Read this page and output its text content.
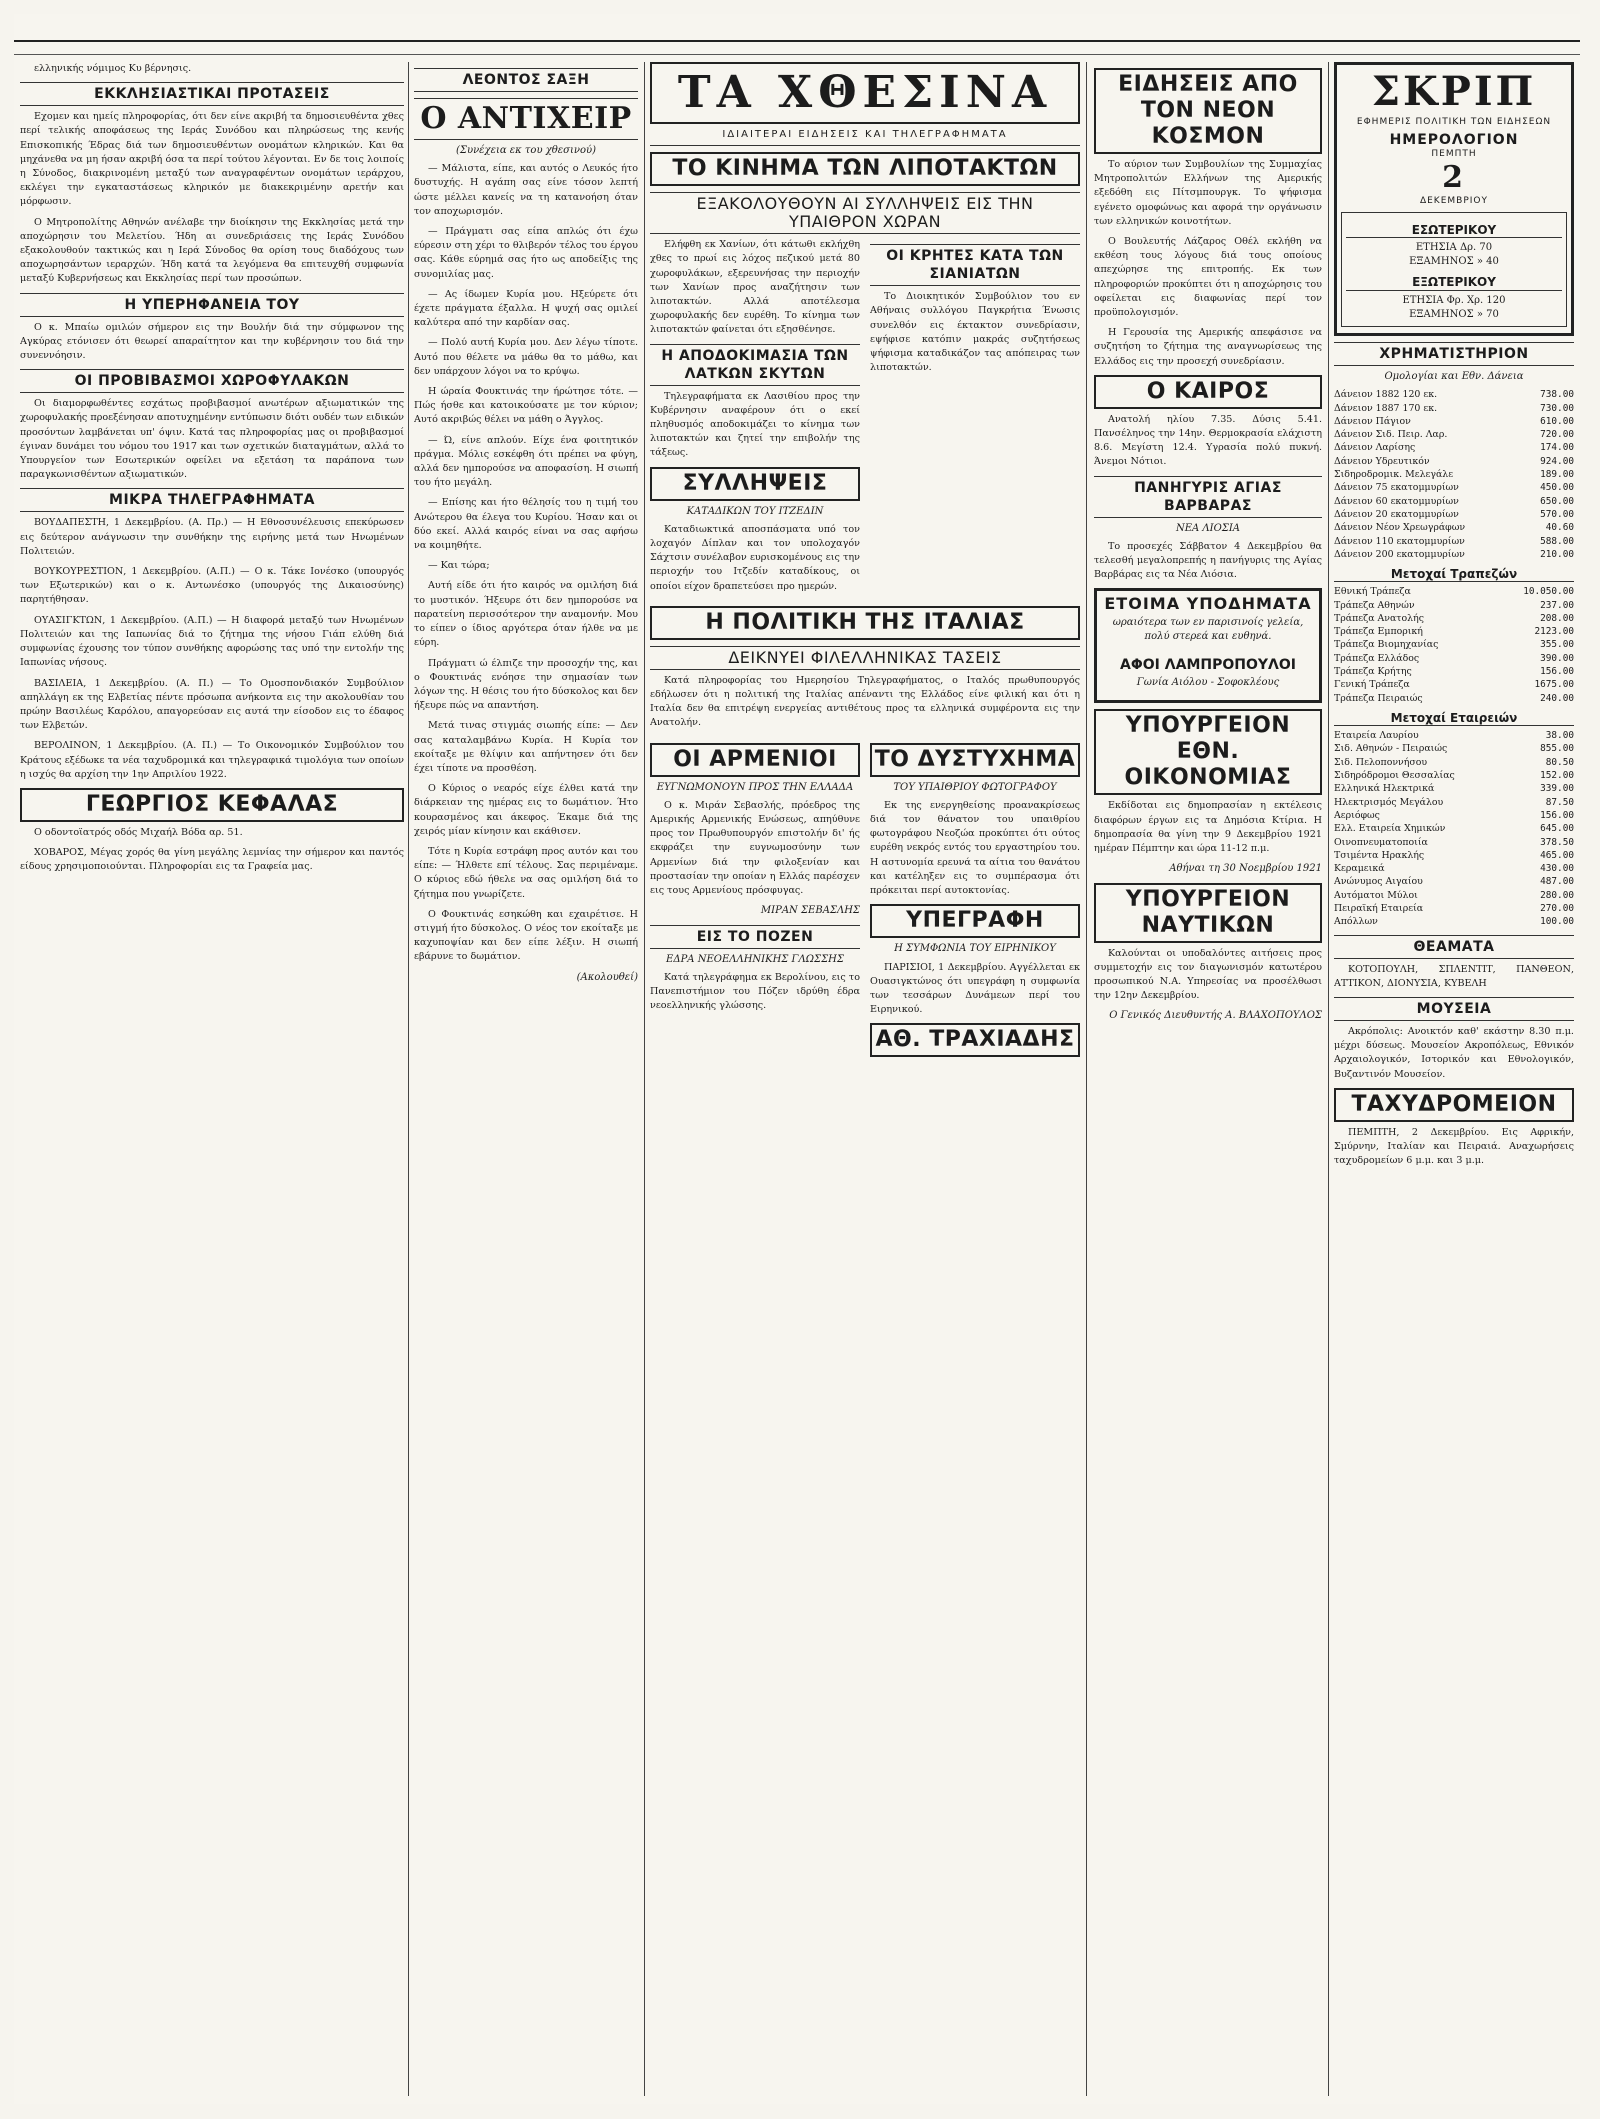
ελληνικής νόμιμος Κυ βέρνησις.

ΕΚΚΛΗΣΙΑΣΤΙΚΑΙ ΠΡΟΤΑΣΕΙΣ

Εχομεν και ημείς πληροφορίας, ότι δεν είνε ακριβή τα δημοσιευθέντα χθες περί τελικής αποφάσεως της Ιεράς Συνόδου και πληρώσεως της κενής Επισκοπικής Έδρας διά των δημοσιευθέντων ονομάτων κληρικών. Και θα μηχάνεθα να μη ήσαν ακριβή όσα τα περί τούτου λέγονται. Εν δε τοις λοιποίς η Σύνοδος, διακρινομένη μεταξύ των αναγραφέντων ονομάτων ιεράρχου, εκλέγει την εγκαταστάσεως κληρικόν με διακεκριμένην αρετήν και μόρφωσιν.

Ο Μητροπολίτης Αθηνών ανέλαβε την διοίκησιν της Εκκλησίας μετά την αποχώρησιν του Μελετίου. Ήδη αι συνεδριάσεις της Ιεράς Συνόδου εξακολουθούν τακτικώς και η Ιερά Σύνοδος θα ορίση τους διαδόχους των αποχωρησάντων ιεραρχών. Ήδη κατά τα λεγόμενα θα επιτευχθή συμφωνία μεταξύ Κυβερνήσεως και Εκκλησίας περί των προσώπων.

Η ΥΠΕΡΗΦΑΝΕΙΑ ΤΟΥ

Ο κ. Μπαίω ομιλών σήμερον εις την Βουλήν διά την σύμφωνον της Αγκύρας ετόνισεν ότι θεωρεί απαραίτητον και την κυβέρνησιν του διά την συνεννόησιν.

ΟΙ ΠΡΟΒΙΒΑΣΜΟΙ ΧΩΡΟΦΥΛΑΚΩΝ

Οι διαμορφωθέντες εσχάτως προβιβασμοί ανωτέρων αξιωματικών της χωροφυλακής προεξένησαν αποτυχημένην εντύπωσιν διότι ουδέν των ειδικών προσόντων λαμβάνεται υπ' όψιν. Κατά τας πληροφορίας μας οι προβιβασμοί έγιναν δυνάμει του νόμου του 1917 και των σχετικών διαταγμάτων, αλλά το Υπουργείον των Εσωτερικών οφείλει να εξετάση τα παράπονα των παραγκωνισθέντων αξιωματικών.

ΜΙΚΡΑ ΤΗΛΕΓΡΑΦΗΜΑΤΑ

ΒΟΥΔΑΠΕΣΤΗ, 1 Δεκεμβρίου. (Α. Πρ.) — Η Εθνοσυνέλευσις επεκύρωσεν εις δεύτερον ανάγνωσιν την συνθήκην της ειρήνης μετά των Ηνωμένων Πολιτειών.

ΒΟΥΚΟΥΡΕΣΤΙΟΝ, 1 Δεκεμβρίου. (Α.Π.) — Ο κ. Τάκε Ιονέσκο (υπουργός των Εξωτερικών) και ο κ. Αντωνέσκο (υπουργός της Δικαιοσύνης) παρητήθησαν.

ΟΥΑΣΙΓΚΤΩΝ, 1 Δεκεμβρίου. (Α.Π.) — Η διαφορά μεταξύ των Ηνωμένων Πολιτειών και της Ιαπωνίας διά το ζήτημα της νήσου Γιάπ ελύθη διά συμφωνίας έχουσης τον τύπον συνθήκης αφορώσης τας υπό την εντολήν της Ιαπωνίας νήσους.

ΒΑΣΙΛΕΙΑ, 1 Δεκεμβρίου. (Α. Π.) — Το Ομοσπονδιακόν Συμβούλιον απηλλάγη εκ της Ελβετίας πέντε πρόσωπα ανήκοντα εις την ακολουθίαν του πρώην Βασιλέως Καρόλου, απαγορεύσαν εις αυτά την είσοδον εις το έδαφος των Ελβετών.

ΒΕΡΟΛΙΝΟΝ, 1 Δεκεμβρίου. (Α. Π.) — Το Οικονομικόν Συμβούλιον του Κράτους εξέδωκε τα νέα ταχυδρομικά και τηλεγραφικά τιμολόγια των οποίων η ισχύς θα αρχίση την 1ην Απριλίου 1922.

ΓΕΩΡΓΙΟΣ ΚΕΦΑΛΑΣ

Ο οδοντοϊατρός οδός Μιχαήλ Βόδα αρ. 51.

ΧΟΒΑΡΟΣ, Μέγας χορός θα γίνη μεγάλης λεμνίας την σήμερον και παντός είδους χρησιμοποιούνται. Πληροφορίαι εις τα Γραφεία μας.

ΛΕΟΝΤΟΣ ΣΑΞΗ
Ο ΑΝΤΙΧΕΙΡ
(Συνέχεια εκ του χθεσινού)

— Μάλιστα, είπε, και αυτός ο Λευκός ήτο δυστυχής. Η αγάπη σας είνε τόσον λεπτή ώστε μέλλει κανείς να τη κατανοήση όταν τον αποχωρισμόν.

— Πράγματι σας είπα απλώς ότι έχω εύρεσιν στη χέρι το θλιβερόν τέλος του έργου σας. Κάθε εύρημά σας ήτο ως αποδείξις της συνομιλίας μας.

— Ας ίδωμεν Κυρία μου. Ηξεύρετε ότι έχετε πράγματα έξαλλα. Η ψυχή σας ομιλεί καλύτερα από την καρδίαν σας.

— Πολύ αυτή Κυρία μου. Δεν λέγω τίποτε. Αυτό που θέλετε να μάθω θα το μάθω, και δεν υπάρχουν λόγοι να το κρύψω.

Η ώραία Φουκτινάς την ήρώτησε τότε. — Πώς ήσθε και κατοικούσατε με τον κύριον; Αυτό ακριβώς θέλει να μάθη ο Άγγλος.

— Ώ, είνε απλούν. Είχε ένα φοιτητικόν πράγμα. Μόλις εσκέφθη ότι πρέπει να φύγη, αλλά δεν ημπορούσε να αποφασίση. Η σιωπή του ήτο μεγάλη.

— Επίσης και ήτο θέλησίς του η τιμή του Ανώτερου θα έλεγα του Κυρίου. Ήσαν και οι δύο εκεί. Αλλά καιρός είναι να σας αφήσω να κοιμηθήτε.

— Και τώρα;

Αυτή είδε ότι ήτο καιρός να ομιλήση διά το μυστικόν. Ήξευρε ότι δεν ημπορούσε να παρατείνη περισσότερον την αναμονήν. Μου το είπεν ο ίδιος αργότερα όταν ήλθε να με εύρη.

Πράγματι ώ έλπιζε την προσοχήν της, και ο Φουκτινάς ενόησε την σημασίαν των λόγων της. Η θέσις του ήτο δύσκολος και δεν ήξευρε πώς να απαντήση.

Μετά τινας στιγμάς σιωπής είπε: — Δεν σας καταλαμβάνω Κυρία. Η Κυρία τον εκοίταξε με θλίψιν και απήντησεν ότι δεν έχει τίποτε να προσθέση.

Ο Κύριος ο νεαρός είχε έλθει κατά την διάρκειαν της ημέρας εις το δωμάτιον. Ήτο κουρασμένος και άκεφος. Έκαμε διά της χειρός μίαν κίνησιν και εκάθισεν.

Τότε η Κυρία εστράφη προς αυτόν και του είπε: — Ήλθετε επί τέλους. Σας περιμέναμε. Ο κύριος εδώ ήθελε να σας ομιλήση διά το ζήτημα που γνωρίζετε.

Ο Φουκτινάς εσηκώθη και εχαιρέτισε. Η στιγμή ήτο δύσκολος. Ο νέος τον εκοίταξε με καχυποψίαν και δεν είπε λέξιν. Η σιωπή εβάρυνε το δωμάτιον.

(Ακολουθεί)
ΤΑ ΧΘΕΣΙΝΑ
ΙΔΙΑΙΤΕΡΑΙ ΕΙΔΗΣΕΙΣ ΚΑΙ ΤΗΛΕΓΡΑΦΗΜΑΤΑ
ΤΟ ΚΙΝΗΜΑ ΤΩΝ ΛΙΠΟΤΑΚΤΩΝ
ΕΞΑΚΟΛΟΥΘΟΥΝ ΑΙ ΣΥΛΛΗΨΕΙΣ ΕΙΣ ΤΗΝ ΥΠΑΙΘΡΟΝ ΧΩΡΑΝ

Ελήφθη εκ Χανίων, ότι κάτωθι εκλήχθη χθες το πρωί εις λόχος πεζικού μετά 80 χωροφυλάκων, εξερευνήσας την περιοχήν των Χανίων προς αναζήτησιν των λιποτακτών. Αλλά αποτέλεσμα χωροφυλακής δεν ευρέθη. Το κίνημα των λιποτακτών φαίνεται ότι εξησθένησε.

Η ΑΠΟΔΟΚΙΜΑΣΙΑ ΤΩΝ ΛΑΤΚΩΝ ΣΚΥΤΩΝ

Τηλεγραφήματα εκ Λασιθίου προς την Κυβέρνησιν αναφέρουν ότι ο εκεί πληθυσμός αποδοκιμάζει το κίνημα των λιποτακτών και ζητεί την επιβολήν της τάξεως.

ΣΥΛΛΗΨΕΙΣ
ΚΑΤΑΔΙΚΩΝ ΤΟΥ ΙΤΖΕΔΙΝ

Καταδιωκτικά αποσπάσματα υπό τον λοχαγόν Δίπλαν και τον υπολοχαγόν Σάχτσιν συνέλαβον ευρισκομένους εις την περιοχήν του Ιτζεδίν καταδίκους, οι οποίοι είχον δραπετεύσει προ ημερών.

ΟΙ ΚΡΗΤΕΣ ΚΑΤΑ ΤΩΝ ΣΙΑΝΙΑΤΩΝ

Το Διοικητικόν Συμβούλιον του εν Αθήναις συλλόγου Παγκρήτια Ένωσις συνελθόν εις έκτακτον συνεδρίασιν, εψήφισε κατόπιν μακράς συζητήσεως ψήφισμα καταδικάζον τας απόπειρας των λιποτακτών.

Η ΠΟΛΙΤΙΚΗ ΤΗΣ ΙΤΑΛΙΑΣ
ΔΕΙΚΝΥΕΙ ΦΙΛΕΛΛΗΝΙΚΑΣ ΤΑΣΕΙΣ

Κατά πληροφορίας του Ημερησίου Τηλεγραφήματος, ο Ιταλός πρωθυπουργός εδήλωσεν ότι η πολιτική της Ιταλίας απέναντι της Ελλάδος είνε φιλική και ότι η Ιταλία δεν θα επιτρέψη ενεργείας αντιθέτους προς τα ελληνικά συμφέροντα εις την Ανατολήν.

ΟΙ ΑΡΜΕΝΙΟΙ
ΕΥΓΝΩΜΟΝΟΥΝ ΠΡΟΣ ΤΗΝ ΕΛΛΑΔΑ

Ο κ. Μιράν Σεβασλής, πρόεδρος της Αμερικής Αρμενικής Ενώσεως, απηύθυνε προς τον Πρωθυπουργόν επιστολήν δι' ής εκφράζει την ευγνωμοσύνην των Αρμενίων διά την φιλοξενίαν και προστασίαν την οποίαν η Ελλάς παρέσχεν εις τους Αρμενίους πρόσφυγας.

ΜΙΡΑΝ ΣΕΒΑΣΛΗΣ
ΕΙΣ ΤΟ ΠΟΖΕΝ
ΕΔΡΑ ΝΕΟΕΛΛΗΝΙΚΗΣ ΓΛΩΣΣΗΣ

Κατά τηλεγράφημα εκ Βερολίνου, εις το Πανεπιστήμιον του Πόζεν ιδρύθη έδρα νεοελληνικής γλώσσης.

ΤΟ ΔΥΣΤΥΧΗΜΑ
ΤΟΥ ΥΠΑΙΘΡΙΟΥ ΦΩΤΟΓΡΑΦΟΥ

Εκ της ενεργηθείσης προανακρίσεως διά τον θάνατον του υπαιθρίου φωτογράφου Νεοζώα προκύπτει ότι ούτος ευρέθη νεκρός εντός του εργαστηρίου του. Η αστυνομία ερευνά τα αίτια του θανάτου και κατέληξεν εις το συμπέρασμα ότι πρόκειται περί αυτοκτονίας.

ΥΠΕΓΡΑΦΗ
Η ΣΥΜΦΩΝΙΑ ΤΟΥ ΕΙΡΗΝΙΚΟΥ

ΠΑΡΙΣΙΟΙ, 1 Δεκεμβρίου. Αγγέλλεται εκ Ουασιγκτώνος ότι υπεγράφη η συμφωνία των τεσσάρων Δυνάμεων περί του Ειρηνικού.

ΑΘ. ΤΡΑΧΙΑΔΗΣ
ΕΙΔΗΣΕΙΣ ΑΠΟ ΤΟΝ ΝΕΟΝ ΚΟΣΜΟΝ

Το αύριον των Συμβουλίων της Συμμαχίας Μητροπολιτών Ελλήνων της Αμερικής εξεδόθη εις Πίτσμπουργκ. Το ψήφισμα εγένετο ομοφώνως και αφορά την οργάνωσιν των ελληνικών κοινοτήτων.

Ο Βουλευτής Λάζαρος Οθέλ εκλήθη να εκθέση τους λόγους διά τους οποίους απεχώρησε της επιτροπής. Εκ των πληροφοριών προκύπτει ότι η αποχώρησις του οφείλεται εις διαφωνίας περί τον προϋπολογισμόν.

Η Γερουσία της Αμερικής απεφάσισε να συζητήση το ζήτημα της αναγνωρίσεως της Ελλάδος εις την προσεχή συνεδρίασιν.

Ο ΚΑΙΡΟΣ

Ανατολή ηλίου 7.35. Δύσις 5.41. Πανσέληνος την 14ην. Θερμοκρασία ελάχιστη 8.6. Μεγίστη 12.4. Υγρασία πολύ πυκνή. Άνεμοι Νότιοι.

ΠΑΝΗΓΥΡΙΣ ΑΓΙΑΣ ΒΑΡΒΑΡΑΣ
ΝΕΑ ΛΙΟΣΙΑ

Το προσεχές Σάββατον 4 Δεκεμβρίου θα τελεσθή μεγαλοπρεπής η πανήγυρις της Αγίας Βαρβάρας εις τα Νέα Λιόσια.

ΕΤΟΙΜΑ ΥΠΟΔΗΜΑΤΑ
ωραιότερα των εν παρισινοίς γελεία, πολύ στερεά και ευθηνά.
ΑΦΟΙ ΛΑΜΠΡΟΠΟΥΛΟΙ
Γωνία Αιόλου - Σοφοκλέους
ΥΠΟΥΡΓΕΙΟΝ ΕΘΝ. ΟΙΚΟΝΟΜΙΑΣ

Εκδίδοται εις δημοπρασίαν η εκτέλεσις διαφόρων έργων εις τα Δημόσια Κτίρια. Η δημοπρασία θα γίνη την 9 Δεκεμβρίου 1921 ημέραν Πέμπτην και ώρα 11-12 π.μ.

Αθήναι τη 30 Νοεμβρίου 1921
ΥΠΟΥΡΓΕΙΟΝ ΝΑΥΤΙΚΩΝ

Καλούνται οι υποδαλόντες αιτήσεις προς συμμετοχήν εις τον διαγωνισμόν κατωτέρου προσωπικού Ν.Α. Υπηρεσίας να προσέλθωσι την 12ην Δεκεμβρίου.

Ο Γενικός Διευθυντής Α. ΒΛΑΧΟΠΟΥΛΟΣ
ΣΚΡΙΠ
ΕΦΗΜΕΡΙΣ ΠΟΛΙΤΙΚΗ ΤΩΝ ΕΙΔΗΣΕΩΝ
ΗΜΕΡΟΛΟΓΙΟΝ
ΠΕΜΠΤΗ
2
ΔΕΚΕΜΒΡΙΟΥ
ΕΣΩΤΕΡΙΚΟΥ
ΕΤΗΣΙΑ Δρ. 70
ΕΞΑΜΗΝΟΣ » 40
ΕΞΩΤΕΡΙΚΟΥ
ΕΤΗΣΙΑ Φρ. Χρ. 120
ΕΞΑΜΗΝΟΣ » 70
ΧΡΗΜΑΤΙΣΤΗΡΙΟΝ
Ομολογίαι και Εθν. Δάνεια
Δάνειον 1882 120 εκ.	738.00
Δάνειον 1887 170 εκ.	730.00
Δάνειον Πάγιον	610.00
Δάνειον Σιδ. Πειρ. Λαρ.	720.00
Δάνειον Λαρίσης	174.00
Δάνειον Υδρευτικόν	924.00
Σιδηροδρομικ. Μελεγάλε	189.00
Δάνειον 75 εκατομμυρίων	450.00
Δάνειον 60 εκατομμυρίων	650.00
Δάνειον 20 εκατομμυρίων	570.00
Δάνειον Νέον Χρεωγράφων	40.60
Δάνειον 110 εκατομμυρίων	588.00
Δάνειον 200 εκατομμυρίων	210.00
Μετοχαί Τραπεζών
Εθνική Τράπεζα	10.050.00
Τράπεζα Αθηνών	237.00
Τράπεζα Ανατολής	208.00
Τράπεζα Εμπορική	2123.00
Τράπεζα Βιομηχανίας	355.00
Τράπεζα Ελλάδος	390.00
Τράπεζα Κρήτης	156.00
Γενική Τράπεζα	1675.00
Τράπεζα Πειραιώς	240.00
Μετοχαί Εταιρειών
Εταιρεία Λαυρίου	38.00
Σιδ. Αθηνών - Πειραιώς	855.00
Σιδ. Πελοποννήσου	80.50
Σιδηρόδρομοι Θεσσαλίας	152.00
Ελληνικά Ηλεκτρικά	339.00
Ηλεκτρισμός Μεγάλου	87.50
Αεριόφως	156.00
Ελλ. Εταιρεία Χημικών	645.00
Οινοπνευματοποιία	378.50
Τσιμέντα Ηρακλής	465.00
Κεραμεικά	430.00
Ανώνυμος Αιγαίου	487.00
Αυτόματοι Μύλοι	280.00
Πειραϊκή Εταιρεία	270.00
Απόλλων	100.00
ΘΕΑΜΑΤΑ

ΚΟΤΟΠΟΥΛΗ, ΣΠΛΕΝΤΙΤ, ΠΑΝΘΕΟΝ, ΑΤΤΙΚΟΝ, ΔΙΟΝΥΣΙΑ, ΚΥΒΕΛΗ

ΜΟΥΣΕΙΑ

Ακρόπολις: Ανοικτόν καθ' εκάστην 8.30 π.μ. μέχρι δύσεως. Μουσείον Ακροπόλεως, Εθνικόν Αρχαιολογικόν, Ιστορικόν και Εθνολογικόν, Βυζαντινόν Μουσείον.

ΤΑΧΥΔΡΟΜΕΙΟΝ

ΠΕΜΠΤΗ, 2 Δεκεμβρίου. Εις Αφρικήν, Σμύρνην, Ιταλίαν και Πειραιά. Αναχωρήσεις ταχυδρομείων 6 μ.μ. και 3 μ.μ.
